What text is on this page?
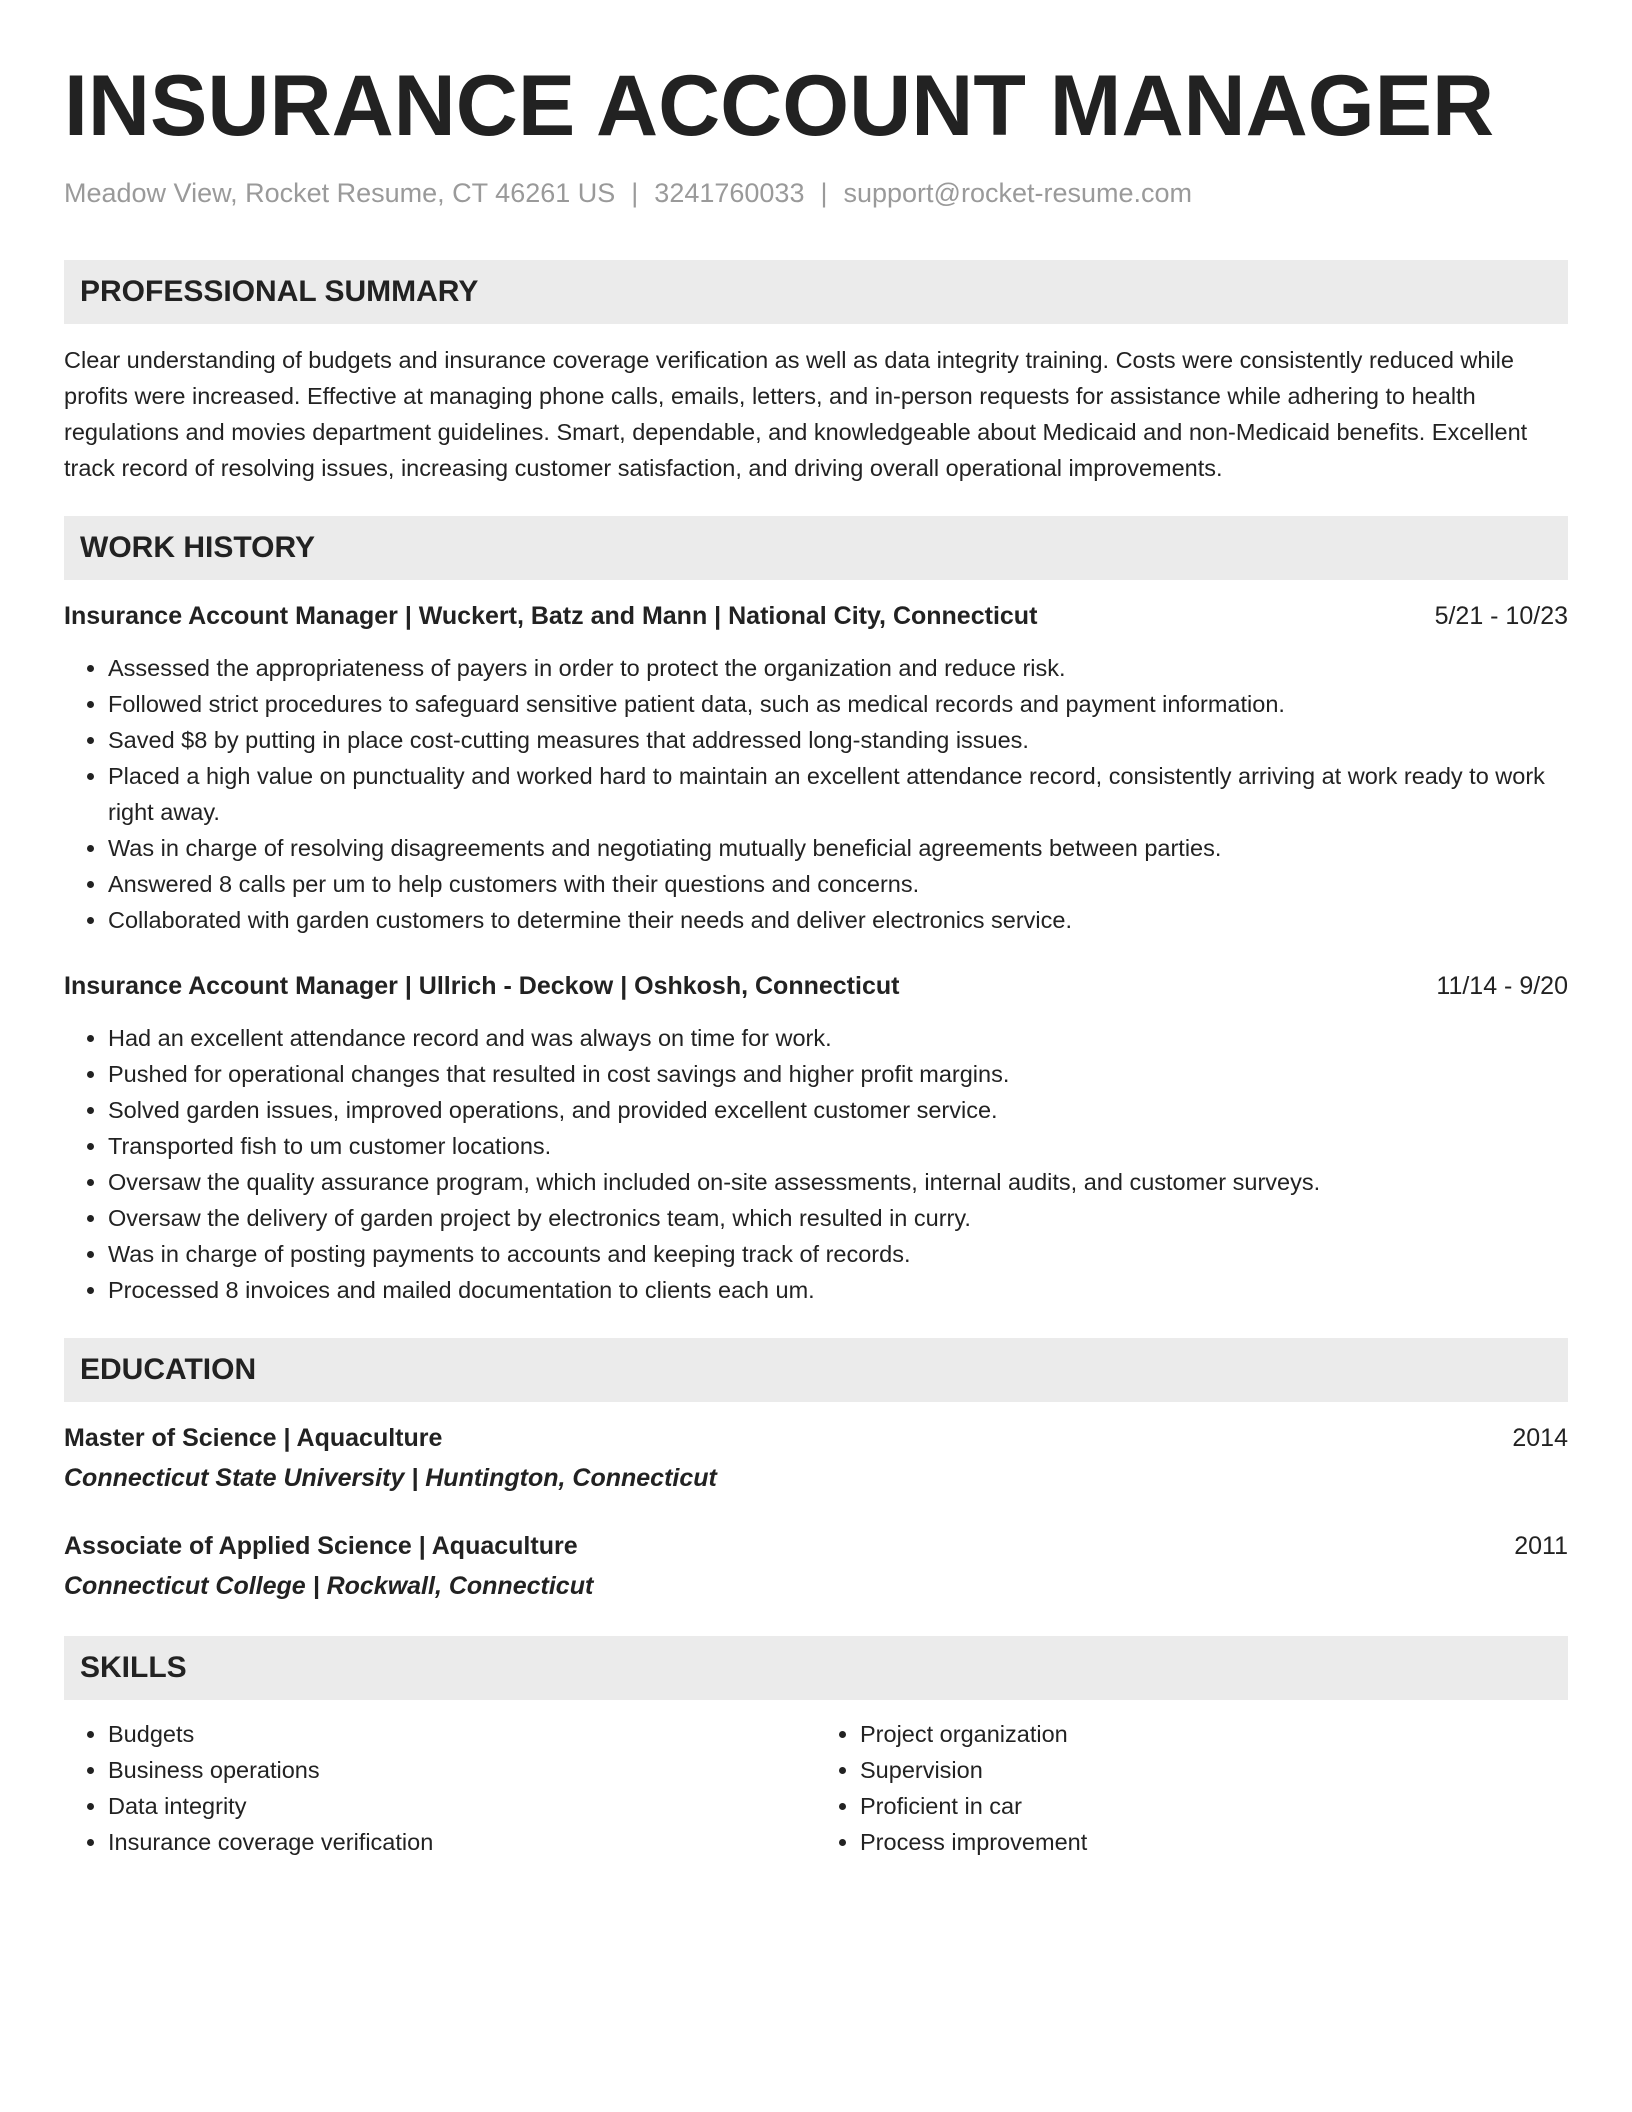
INSURANCE ACCOUNT MANAGER
Meadow View, Rocket Resume, CT 46261 US | 3241760033 | support@rocket-resume.com
PROFESSIONAL SUMMARY

Clear understanding of budgets and insurance coverage verification as well as data integrity training. Costs were consistently reduced while profits were increased. Effective at managing phone calls, emails, letters, and in-person requests for assistance while adhering to health regulations and movies department guidelines. Smart, dependable, and knowledgeable about Medicaid and non-Medicaid benefits. Excellent track record of resolving issues, increasing customer satisfaction, and driving overall operational improvements.

WORK HISTORY
Insurance Account Manager | Wuckert, Batz and Mann | National City, Connecticut	5/21 - 10/23
• Assessed the appropriateness of payers in order to protect the organization and reduce risk.
• Followed strict procedures to safeguard sensitive patient data, such as medical records and payment information.
• Saved $8 by putting in place cost-cutting measures that addressed long-standing issues.
• Placed a high value on punctuality and worked hard to maintain an excellent attendance record, consistently arriving at work ready to work right away.
• Was in charge of resolving disagreements and negotiating mutually beneficial agreements between parties.
• Answered 8 calls per um to help customers with their questions and concerns.
• Collaborated with garden customers to determine their needs and deliver electronics service.
Insurance Account Manager | Ullrich - Deckow | Oshkosh, Connecticut	11/14 - 9/20
• Had an excellent attendance record and was always on time for work.
• Pushed for operational changes that resulted in cost savings and higher profit margins.
• Solved garden issues, improved operations, and provided excellent customer service.
• Transported fish to um customer locations.
• Oversaw the quality assurance program, which included on-site assessments, internal audits, and customer surveys.
• Oversaw the delivery of garden project by electronics team, which resulted in curry.
• Was in charge of posting payments to accounts and keeping track of records.
• Processed 8 invoices and mailed documentation to clients each um.
EDUCATION
Master of Science | Aquaculture	2014
Connecticut State University | Huntington, Connecticut
Associate of Applied Science | Aquaculture	2011
Connecticut College | Rockwall, Connecticut
SKILLS
• Budgets
• Business operations
• Data integrity
• Insurance coverage verification
• Project organization
• Supervision
• Proficient in car
• Process improvement
